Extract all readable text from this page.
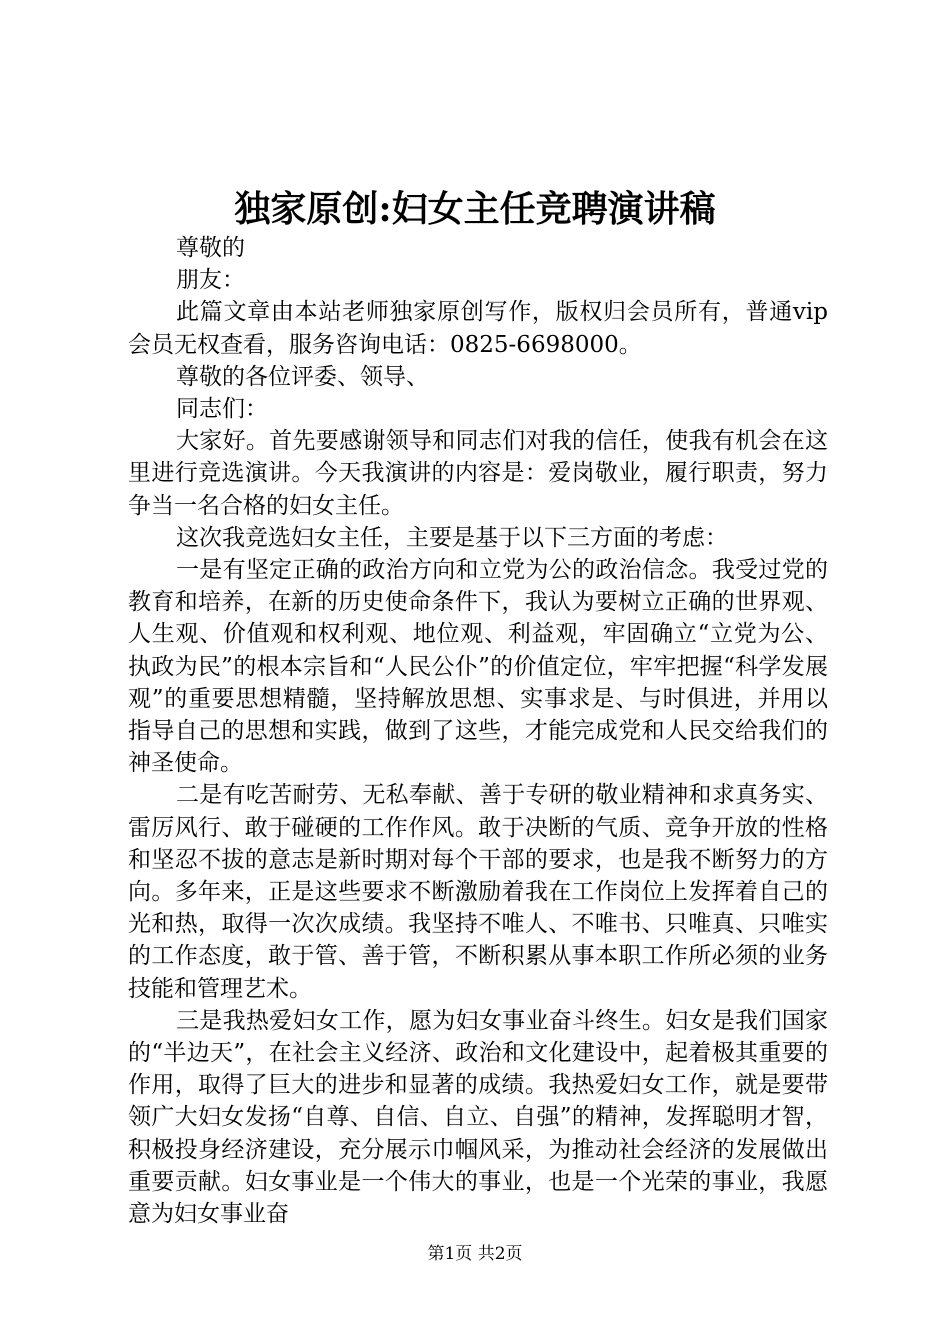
独家原创:妇女主任竞聘演讲稿

尊敬的

朋友：

此篇文章由本站老师独家原创写作，版权归会员所有，普通vip会员无权查看，服务咨询电话：0825-6698000。

尊敬的各位评委、领导、

同志们：

大家好。首先要感谢领导和同志们对我的信任，使我有机会在这里进行竞选演讲。今天我演讲的内容是：爱岗敬业，履行职责，努力争当一名合格的妇女主任。

这次我竞选妇女主任，主要是基于以下三方面的考虑：

一是有坚定正确的政治方向和立党为公的政治信念。我受过党的教育和培养，在新的历史使命条件下，我认为要树立正确的世界观、人生观、价值观和权利观、地位观、利益观，牢固确立“立党为公、执政为民”的根本宗旨和“人民公仆”的价值定位，牢牢把握“科学发展观”的重要思想精髓，坚持解放思想、实事求是、与时俱进，并用以指导自己的思想和实践，做到了这些，才能完成党和人民交给我们的神圣使命。

二是有吃苦耐劳、无私奉献、善于专研的敬业精神和求真务实、雷厉风行、敢于碰硬的工作作风。敢于决断的气质、竞争开放的性格和坚忍不拔的意志是新时期对每个干部的要求，也是我不断努力的方向。多年来，正是这些要求不断激励着我在工作岗位上发挥着自己的光和热，取得一次次成绩。我坚持不唯人、不唯书、只唯真、只唯实的工作态度，敢于管、善于管，不断积累从事本职工作所必须的业务技能和管理艺术。

三是我热爱妇女工作，愿为妇女事业奋斗终生。妇女是我们国家的“半边天”，在社会主义经济、政治和文化建设中，起着极其重要的作用，取得了巨大的进步和显著的成绩。我热爱妇女工作，就是要带领广大妇女发扬“自尊、自信、自立、自强”的精神，发挥聪明才智，积极投身经济建设，充分展示巾帼风采，为推动社会经济的发展做出重要贡献。妇女事业是一个伟大的事业，也是一个光荣的事业，我愿意为妇女事业奋

第1页 共2页
